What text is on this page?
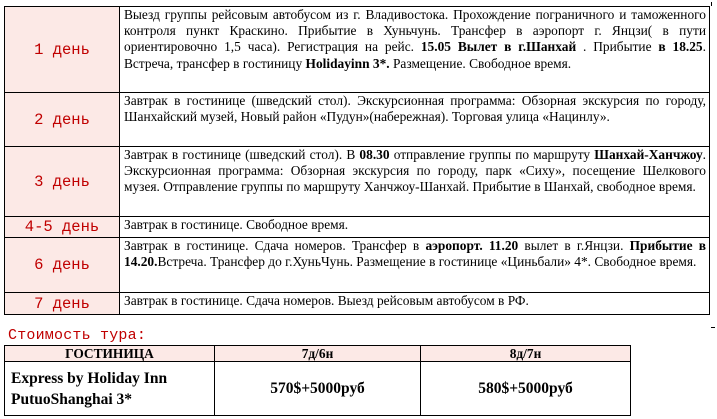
1 день	Выезд группы рейсовым автобусом из г. Владивостока. Прохождение пограничного и таможенного контроля пункт Краскино. Прибытие в Хуньчунь. Трансфер в аэропорт г. Янцзи( в пути ориентировочно 1,5 часа). Регистрация на рейс. 15.05 Вылет в г.Шанхай . Прибытие в 18.25. Встреча, трансфер в гостиницу Holidayinn 3*. Размещение. Свободное время.
2 день	Завтрак в гостинице (шведский стол). Экскурсионная программа: Обзорная экскурсия по городу, Шанхайский музей, Новый район «Пудун»(набережная). Торговая улица «Нацинлу».
3 день	Завтрак в гостинице (шведский стол). В 08.30 отправление группы по маршруту Шанхай-Ханчжоу. Экскурсионная программа: Обзорная экскурсия по городу, парк «Сиху», посещение Шелкового музея. Отправление группы по маршруту Ханчжоу-Шанхай. Прибытие в Шанхай, свободное время.
4-5 день	Завтрак в гостинице. Свободное время.
6 день	Завтрак в гостинице. Сдача номеров. Трансфер в аэропорт. 11.20 вылет в г.Янцзи. Прибытие в 14.20.Встреча. Трансфер до г.ХуньЧунь. Размещение в гостинице «Циньбали» 4*. Свободное время.
7 день	Завтрак в гостинице. Сдача номеров. Выезд рейсовым автобусом в РФ.
Стоимость тура:
ГОСТИНИЦА	7д/6н	8д/7н
Express by Holiday Inn
PutuoShanghai 3*	570$+5000руб	580$+5000руб
